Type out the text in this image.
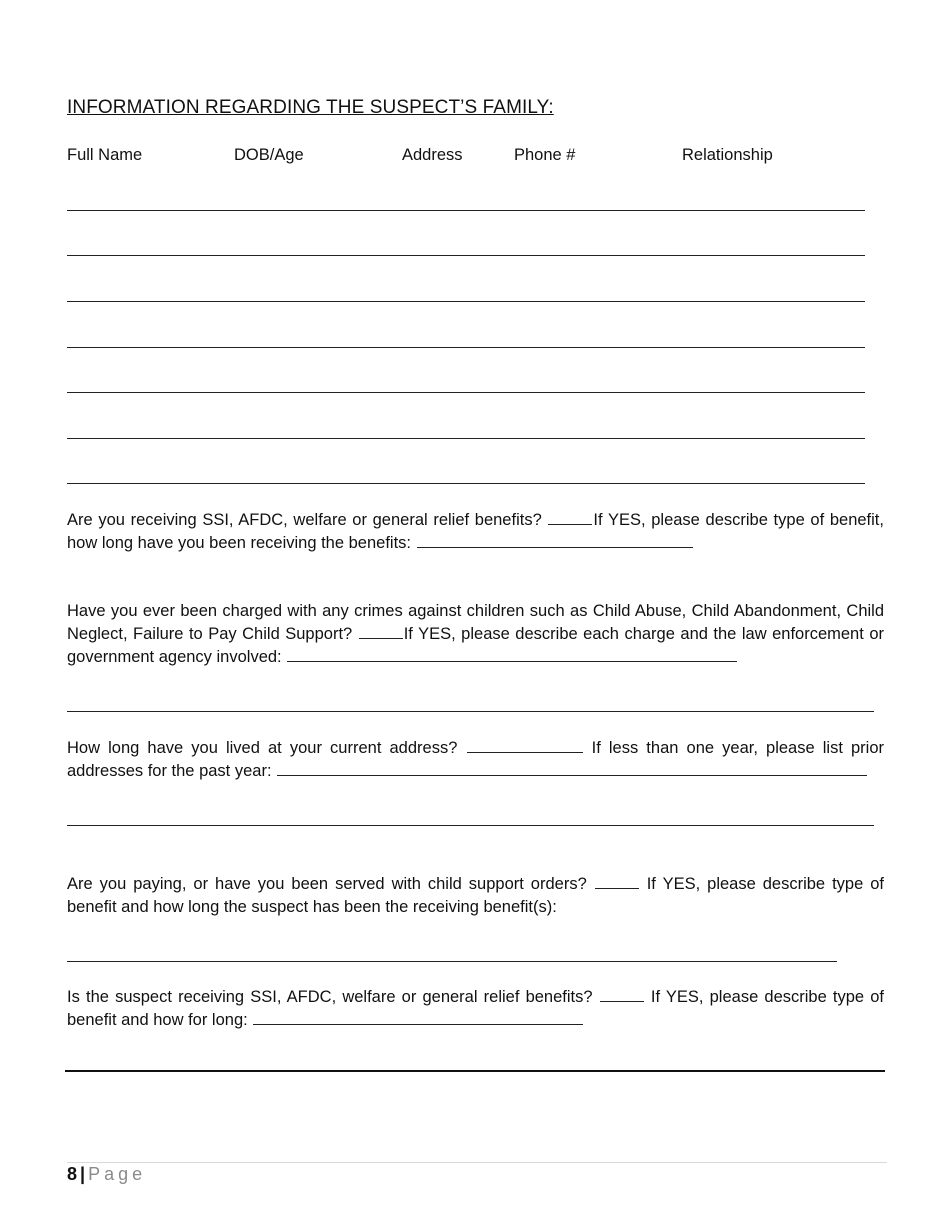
INFORMATION REGARDING THE SUSPECT’S FAMILY:
Full Name	DOB/Age	Address	Phone #	Relationship
Are you receiving SSI, AFDC, welfare or general relief benefits?	If YES, please describe type of benefit, how long have you been receiving the benefits:
Have you ever been charged with any crimes against children such as Child Abuse, Child Abandonment, Child Neglect, Failure to Pay Child Support?	If YES, please describe each charge and the law enforcement or government agency involved:
How long have you lived at your current address?	If less than one year, please list prior addresses for the past year:
Are you paying, or have you been served with child support orders?	If YES, please describe type of benefit and how long the suspect has been the receiving benefit(s):
Is the suspect receiving SSI, AFDC, welfare or general relief benefits?	If YES, please describe type of benefit and how for long:
8 | Page
